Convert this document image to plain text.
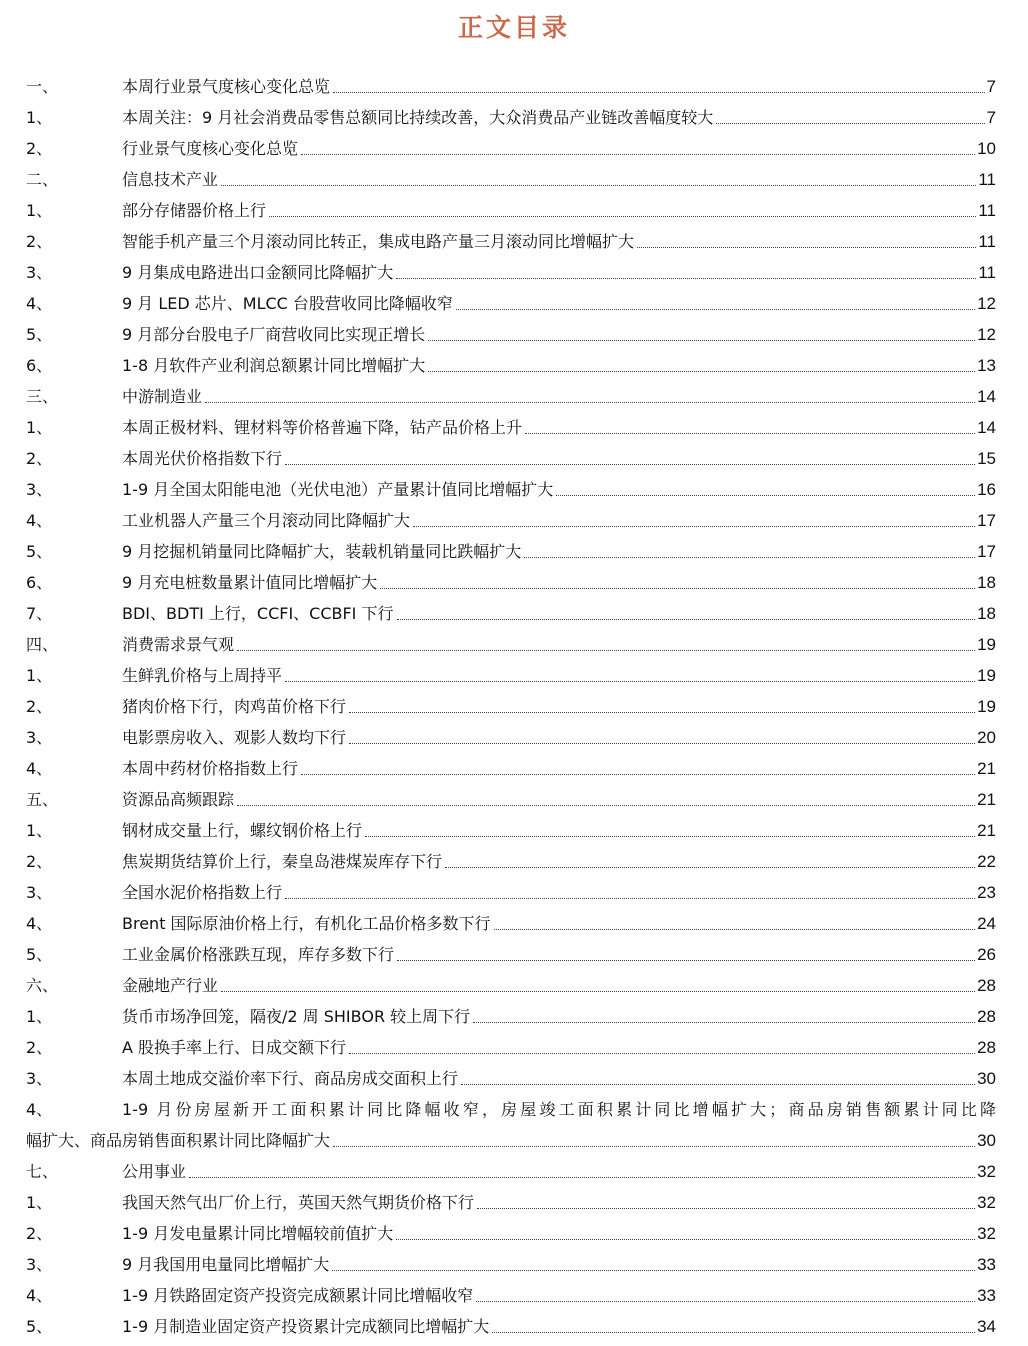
正文目录
一、	本周行业景气度核心变化总览	7
1、	本周关注：9 月社会消费品零售总额同比持续改善，大众消费品产业链改善幅度较大	7
2、	行业景气度核心变化总览	10
二、	信息技术产业	11
1、	部分存储器价格上行	11
2、	智能手机产量三个月滚动同比转正，集成电路产量三月滚动同比增幅扩大	11
3、	9 月集成电路进出口金额同比降幅扩大	11
4、	9 月 LED 芯片、MLCC 台股营收同比降幅收窄	12
5、	9 月部分台股电子厂商营收同比实现正增长	12
6、	1-8 月软件产业利润总额累计同比增幅扩大	13
三、	中游制造业	14
1、	本周正极材料、锂材料等价格普遍下降，钴产品价格上升	14
2、	本周光伏价格指数下行	15
3、	1-9 月全国太阳能电池（光伏电池）产量累计值同比增幅扩大	16
4、	工业机器人产量三个月滚动同比降幅扩大	17
5、	9 月挖掘机销量同比降幅扩大，装载机销量同比跌幅扩大	17
6、	9 月充电桩数量累计值同比增幅扩大	18
7、	BDI、BDTI 上行，CCFI、CCBFI 下行	18
四、	消费需求景气观	19
1、	生鲜乳价格与上周持平	19
2、	猪肉价格下行，肉鸡苗价格下行	19
3、	电影票房收入、观影人数均下行	20
4、	本周中药材价格指数上行	21
五、	资源品高频跟踪	21
1、	钢材成交量上行，螺纹钢价格上行	21
2、	焦炭期货结算价上行，秦皇岛港煤炭库存下行	22
3、	全国水泥价格指数上行	23
4、	Brent 国际原油价格上行，有机化工品价格多数下行	24
5、	工业金属价格涨跌互现，库存多数下行	26
六、	金融地产行业	28
1、	货币市场净回笼，隔夜/2 周 SHIBOR 较上周下行	28
2、	A 股换手率上行、日成交额下行	28
3、	本周土地成交溢价率下行、商品房成交面积上行	30
4、	1-9 月份房屋新开工面积累计同比降幅收窄，房屋竣工面积累计同比增幅扩大；商品房销售额累计同比降
幅扩大、商品房销售面积累计同比降幅扩大	30
七、	公用事业	32
1、	我国天然气出厂价上行，英国天然气期货价格下行	32
2、	1-9 月发电量累计同比增幅较前值扩大	32
3、	9 月我国用电量同比增幅扩大	33
4、	1-9 月铁路固定资产投资完成额累计同比增幅收窄	33
5、	1-9 月制造业固定资产投资累计完成额同比增幅扩大	34
